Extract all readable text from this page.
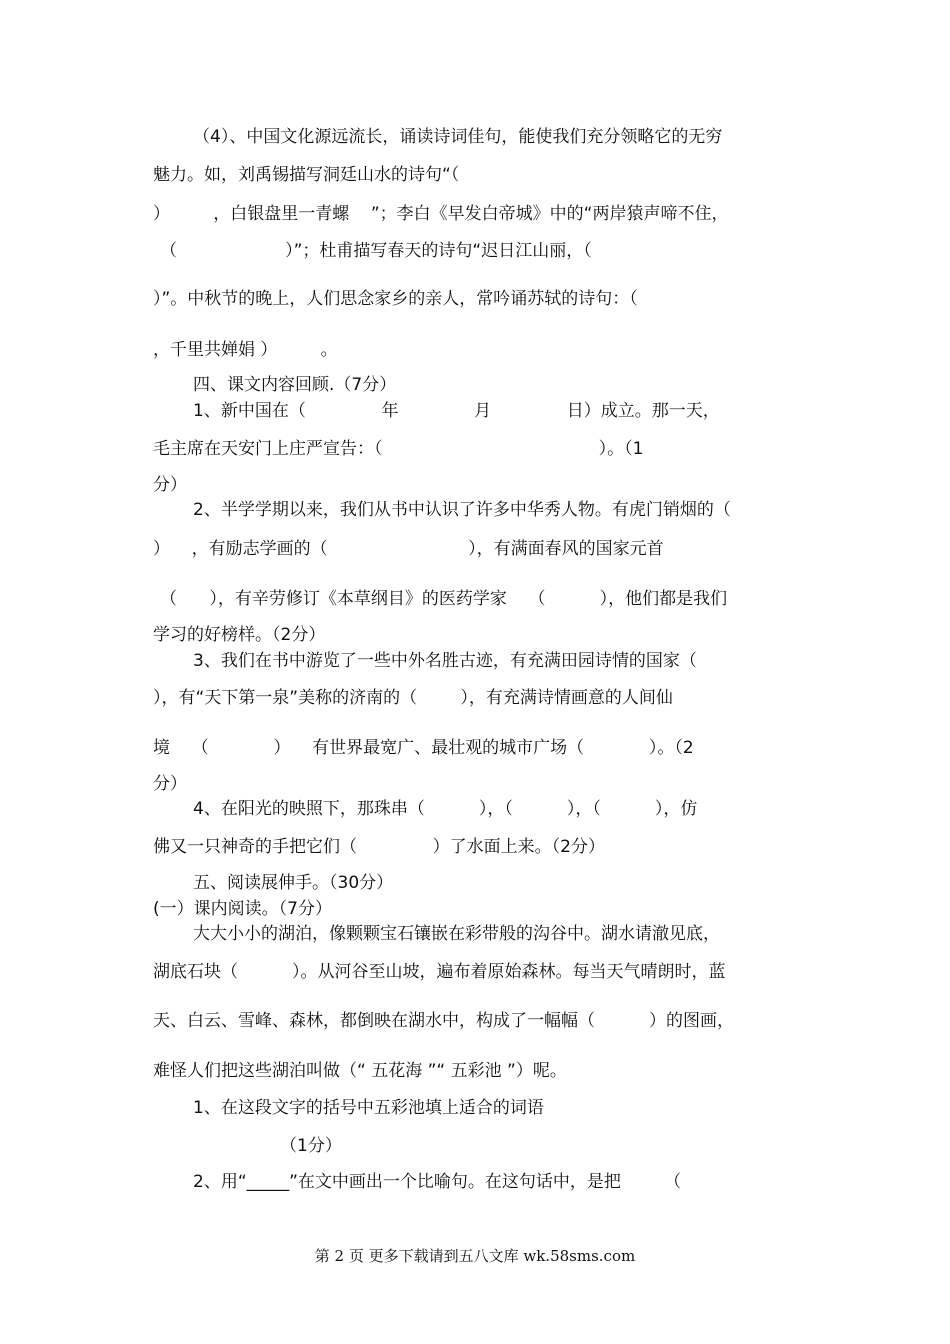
（4）、中国文化源远流长，诵读诗词佳句，能使我们充分领略它的无穷
魅力。如，刘禹锡描写洞廷山水的诗句“（
）        ，白银盘里一青螺    ”；李白《早发白帝城》中的“两岸猿声啼不住，
（                    ）”；杜甫描写春天的诗句“迟日江山丽，（
）”。中秋节的晚上，人们思念家乡的亲人，常吟诵苏轼的诗句：（
，千里共婵娟 ）        。
四、课文内容回顾.（7分）
1、新中国在（              年              月              日）成立。那一天，
毛主席在天安门上庄严宣告：（                                        ）。（1
分）
2、半学学期以来，我们从书中认识了许多中华秀人物。有虎门销烟的（
）    ，有励志学画的（                          ），有满面春风的国家元首
（      ），有辛劳修订《本草纲目》的医药学家    （          ），他们都是我们
学习的好榜样。（2分）
3、我们在书中游览了一些中外名胜古迹，有充满田园诗情的国家（
），有“天下第一泉”美称的济南的（        ），有充满诗情画意的人间仙
境    （            ）    有世界最宽广、最壮观的城市广场（            ）。（2
分）
4、在阳光的映照下，那珠串（          ），（          ），（          ），仿
佛又一只神奇的手把它们（              ）了水面上来。（2分）
五、阅读展伸手。（30分）
(一）课内阅读。（7分）
大大小小的湖泊，像颗颗宝石镶嵌在彩带般的沟谷中。湖水请澈见底，
湖底石块（          ）。从河谷至山坡，遍布着原始森林。每当天气晴朗时，蓝
天、白云、雪峰、森林，都倒映在湖水中，构成了一幅幅（          ）的图画，
难怪人们把这些湖泊叫做（“ 五花海 ”“ 五彩池 ”）呢。
1、在这段文字的括号中五彩池填上适合的词语
（1分）
2、用“_____”在文中画出一个比喻句。在这句话中，是把        （
第 2 页 更多下载请到五八文库 wk.58sms.com
